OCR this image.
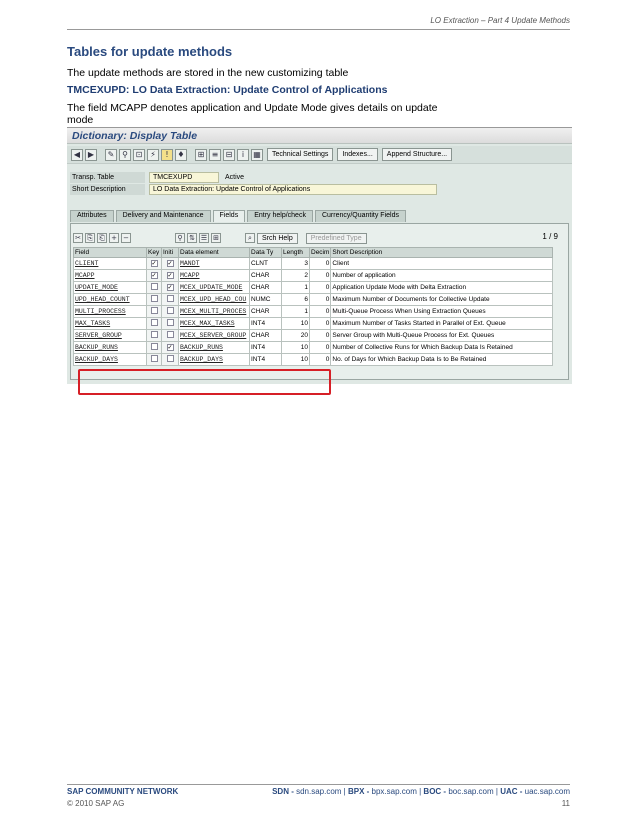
LO Extraction – Part 4 Update Methods
Tables for update methods
The update methods are stored in the new customizing table
TMCEXUPD: LO Data Extraction: Update Control of Applications
The field MCAPP denotes application and Update Mode gives details on update mode
Dictionary: Display Table
◀ ▶	✎ ⚲ ⊡ ⚡	!	♦	⊞ ≡ ⊟	i	▦	Technical Settings	Indexes...	Append Structure...
Transp. Table	TMCEXUPD	Active
Short Description	LO Data Extraction: Update Control of Applications
Attributes	Delivery and Maintenance	Fields	Entry help/check	Currency/Quantity Fields
✂ ⎘ ⎗ + −	⚲ ⇅ ☰ ⊞	⌕	Srch Help	Predefined Type	1 / 9
Field	Key	Initi	Data element	Data Ty	Length	Decim	Short Description
CLIENT	✓	✓	MANDT	CLNT	3	0	Client
MCAPP	✓	✓	MCAPP	CHAR	2	0	Number of application
UPDATE_MODE		✓	MCEX_UPDATE_MODE	CHAR	1	0	Application Update Mode with Delta Extraction
UPD_HEAD_COUNT			MCEX_UPD_HEAD_COU	NUMC	6	0	Maximum Number of Documents for Collective Update
MULTI_PROCESS			MCEX_MULTI_PROCES	CHAR	1	0	Multi-Queue Process When Using Extraction Queues
MAX_TASKS			MCEX_MAX_TASKS	INT4	10	0	Maximum Number of Tasks Started in Parallel of Ext. Queue
SERVER_GROUP			MCEX_SERVER_GROUP	CHAR	20	0	Server Group with Multi-Queue Process for Ext. Queues
BACKUP_RUNS		✓	BACKUP_RUNS	INT4	10	0	Number of Collective Runs for Which Backup Data Is Retained
BACKUP_DAYS			BACKUP_DAYS	INT4	10	0	No. of Days for Which Backup Data Is to Be Retained
SAP COMMUNITY NETWORK	SDN - sdn.sap.com | BPX - bpx.sap.com | BOC - boc.sap.com | UAC - uac.sap.com
© 2010 SAP AG	11
